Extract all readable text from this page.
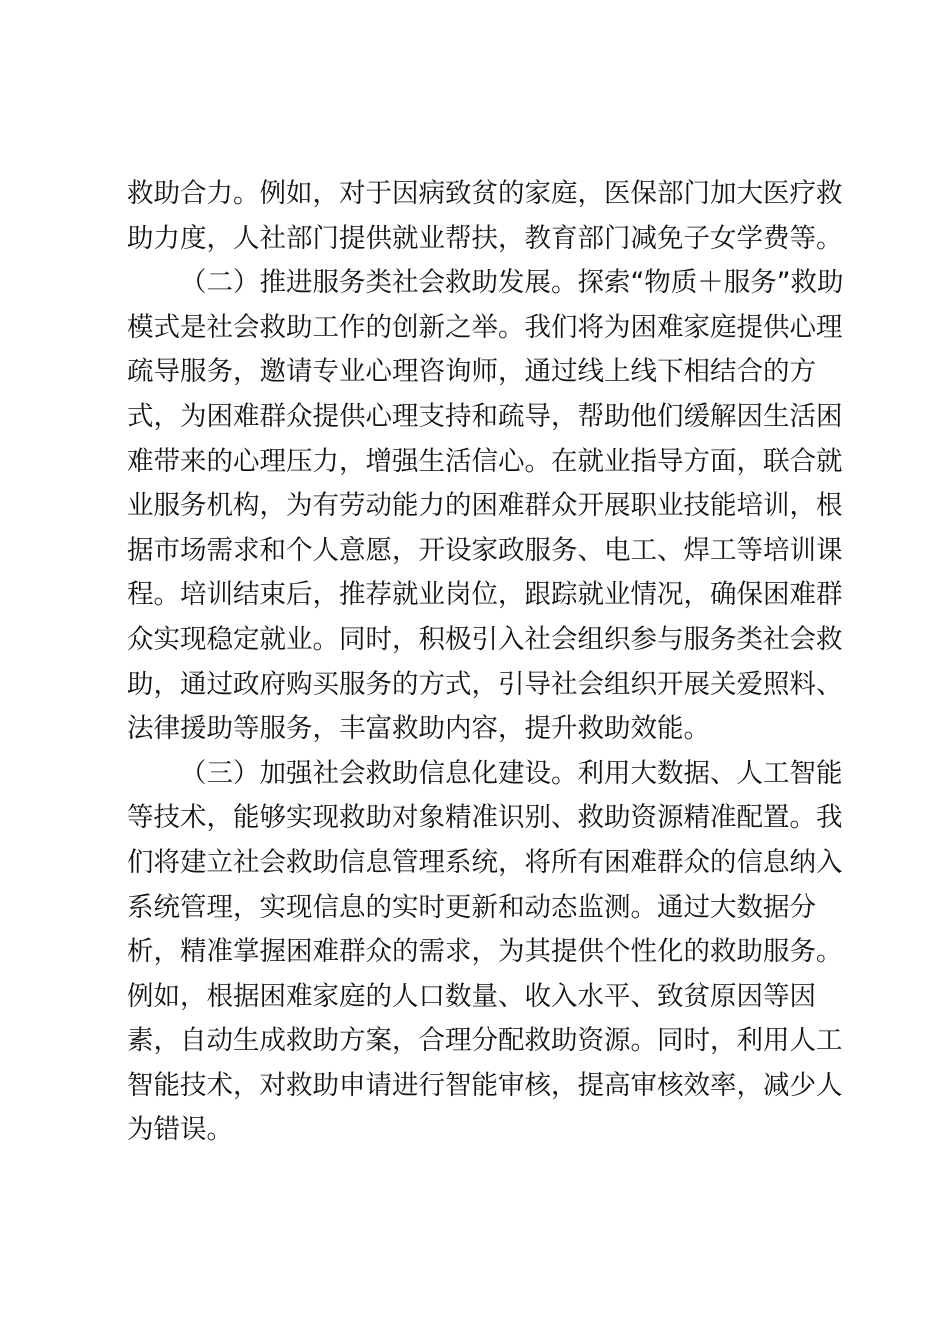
救助合力。例如，对于因病致贫的家庭，医保部门加大医疗救
助力度，人社部门提供就业帮扶，教育部门减免子女学费等。
（二）推进服务类社会救助发展。探索“物质＋服务”救助
模式是社会救助工作的创新之举。我们将为困难家庭提供心理
疏导服务，邀请专业心理咨询师，通过线上线下相结合的方
式，为困难群众提供心理支持和疏导，帮助他们缓解因生活困
难带来的心理压力，增强生活信心。在就业指导方面，联合就
业服务机构，为有劳动能力的困难群众开展职业技能培训，根
据市场需求和个人意愿，开设家政服务、电工、焊工等培训课
程。培训结束后，推荐就业岗位，跟踪就业情况，确保困难群
众实现稳定就业。同时，积极引入社会组织参与服务类社会救
助，通过政府购买服务的方式，引导社会组织开展关爱照料、
法律援助等服务，丰富救助内容，提升救助效能。
（三）加强社会救助信息化建设。利用大数据、人工智能
等技术，能够实现救助对象精准识别、救助资源精准配置。我
们将建立社会救助信息管理系统，将所有困难群众的信息纳入
系统管理，实现信息的实时更新和动态监测。通过大数据分
析，精准掌握困难群众的需求，为其提供个性化的救助服务。
例如，根据困难家庭的人口数量、收入水平、致贫原因等因
素，自动生成救助方案，合理分配救助资源。同时，利用人工
智能技术，对救助申请进行智能审核，提高审核效率，减少人
为错误。
